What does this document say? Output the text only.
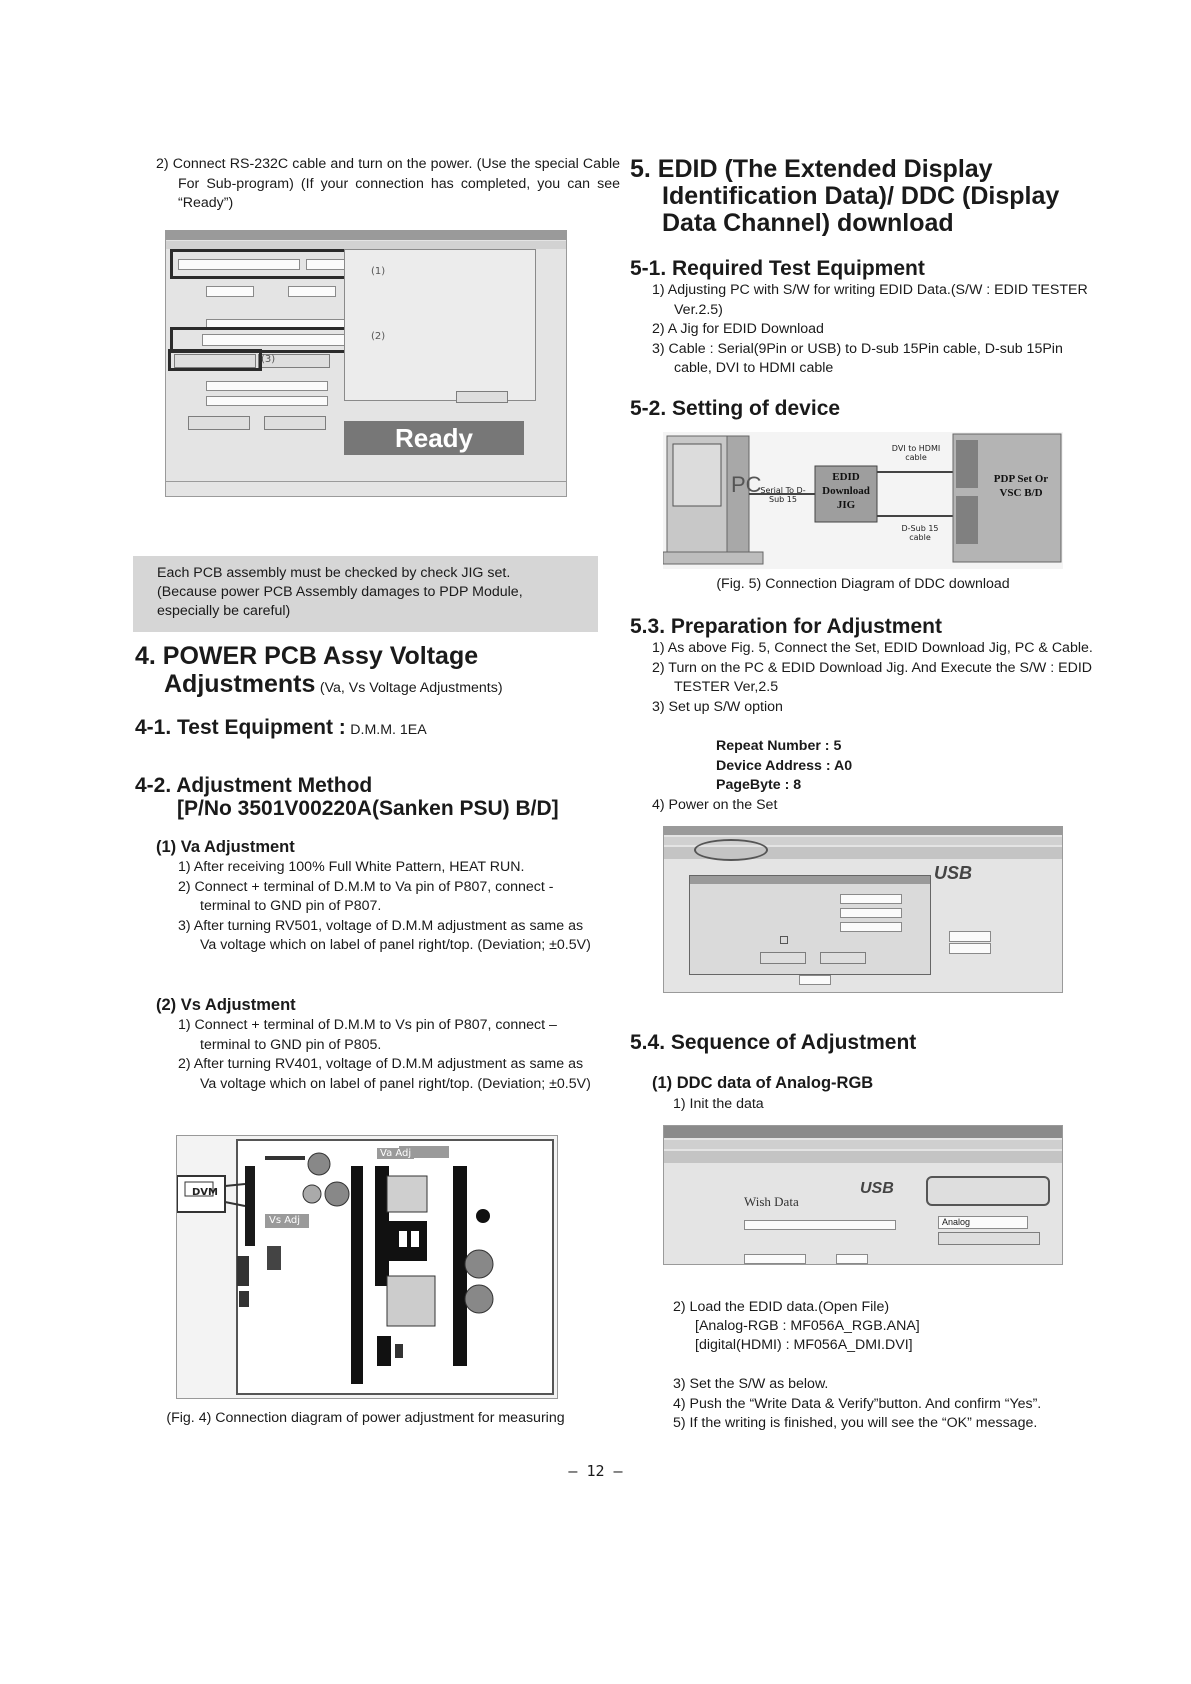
2) Connect RS-232C cable and turn on the power. (Use the special Cable For Sub-program) (If your connection has completed, you can see “Ready”)
(1)
(2)
(3)
Ready
Each PCB assembly must be checked by check JIG set.
(Because power PCB Assembly damages to PDP Module,
especially be careful)
4. POWER PCB Assy Voltage
Adjustments (Va, Vs Voltage Adjustments)
4-1. Test Equipment : D.M.M. 1EA
4-2. Adjustment Method
[P/No 3501V00220A(Sanken PSU) B/D]
(1) Va Adjustment
1) After receiving 100% Full White Pattern, HEAT RUN.
2) Connect + terminal of D.M.M to Va pin of P807, connect - terminal to GND pin of P807.
3) After turning RV501, voltage of D.M.M adjustment as same as Va voltage which on label of panel right/top. (Deviation; ±0.5V)
(2) Vs Adjustment
1) Connect + terminal of D.M.M to Vs pin of P807, connect – terminal to GND pin of P805.
2) After turning RV401, voltage of D.M.M adjustment as same as Va voltage which on label of panel right/top. (Deviation; ±0.5V)
DVM
Va Adj
Vs Adj
(Fig. 4) Connection diagram of power adjustment for measuring
5. EDID (The Extended Display
Identification Data)/ DDC (Display
Data Channel) download
5-1. Required Test Equipment
1) Adjusting PC with S/W for writing EDID Data.(S/W : EDID TESTER Ver.2.5)
2) A Jig for EDID Download
3) Cable : Serial(9Pin or USB) to D-sub 15Pin cable, D-sub 15Pin cable, DVI to HDMI cable
5-2. Setting of device
PC
Serial To D-Sub 15
EDID Download JIG
DVI to HDMI cable
D-Sub 15 cable
PDP Set Or VSC B/D
(Fig. 5) Connection Diagram of DDC download
5.3. Preparation for Adjustment
1) As above Fig. 5, Connect the Set, EDID Download Jig, PC & Cable.
2) Turn on the PC & EDID Download Jig. And Execute the S/W : EDID TESTER Ver,2.5
3) Set up S/W option
Repeat Number : 5
Device Address : A0
PageByte : 8
4) Power on the Set
USB
5.4. Sequence of Adjustment
(1) DDC data of Analog-RGB
1) Init the data
Wish Data
USB
Analog
2) Load the EDID data.(Open File)
[Analog-RGB : MF056A_RGB.ANA]
[digital(HDMI) : MF056A_DMI.DVI]
3) Set the S/W as below.
4) Push the “Write Data & Verify”button. And confirm “Yes”.
5) If the writing is finished, you will see the “OK” message.
– 12 –
